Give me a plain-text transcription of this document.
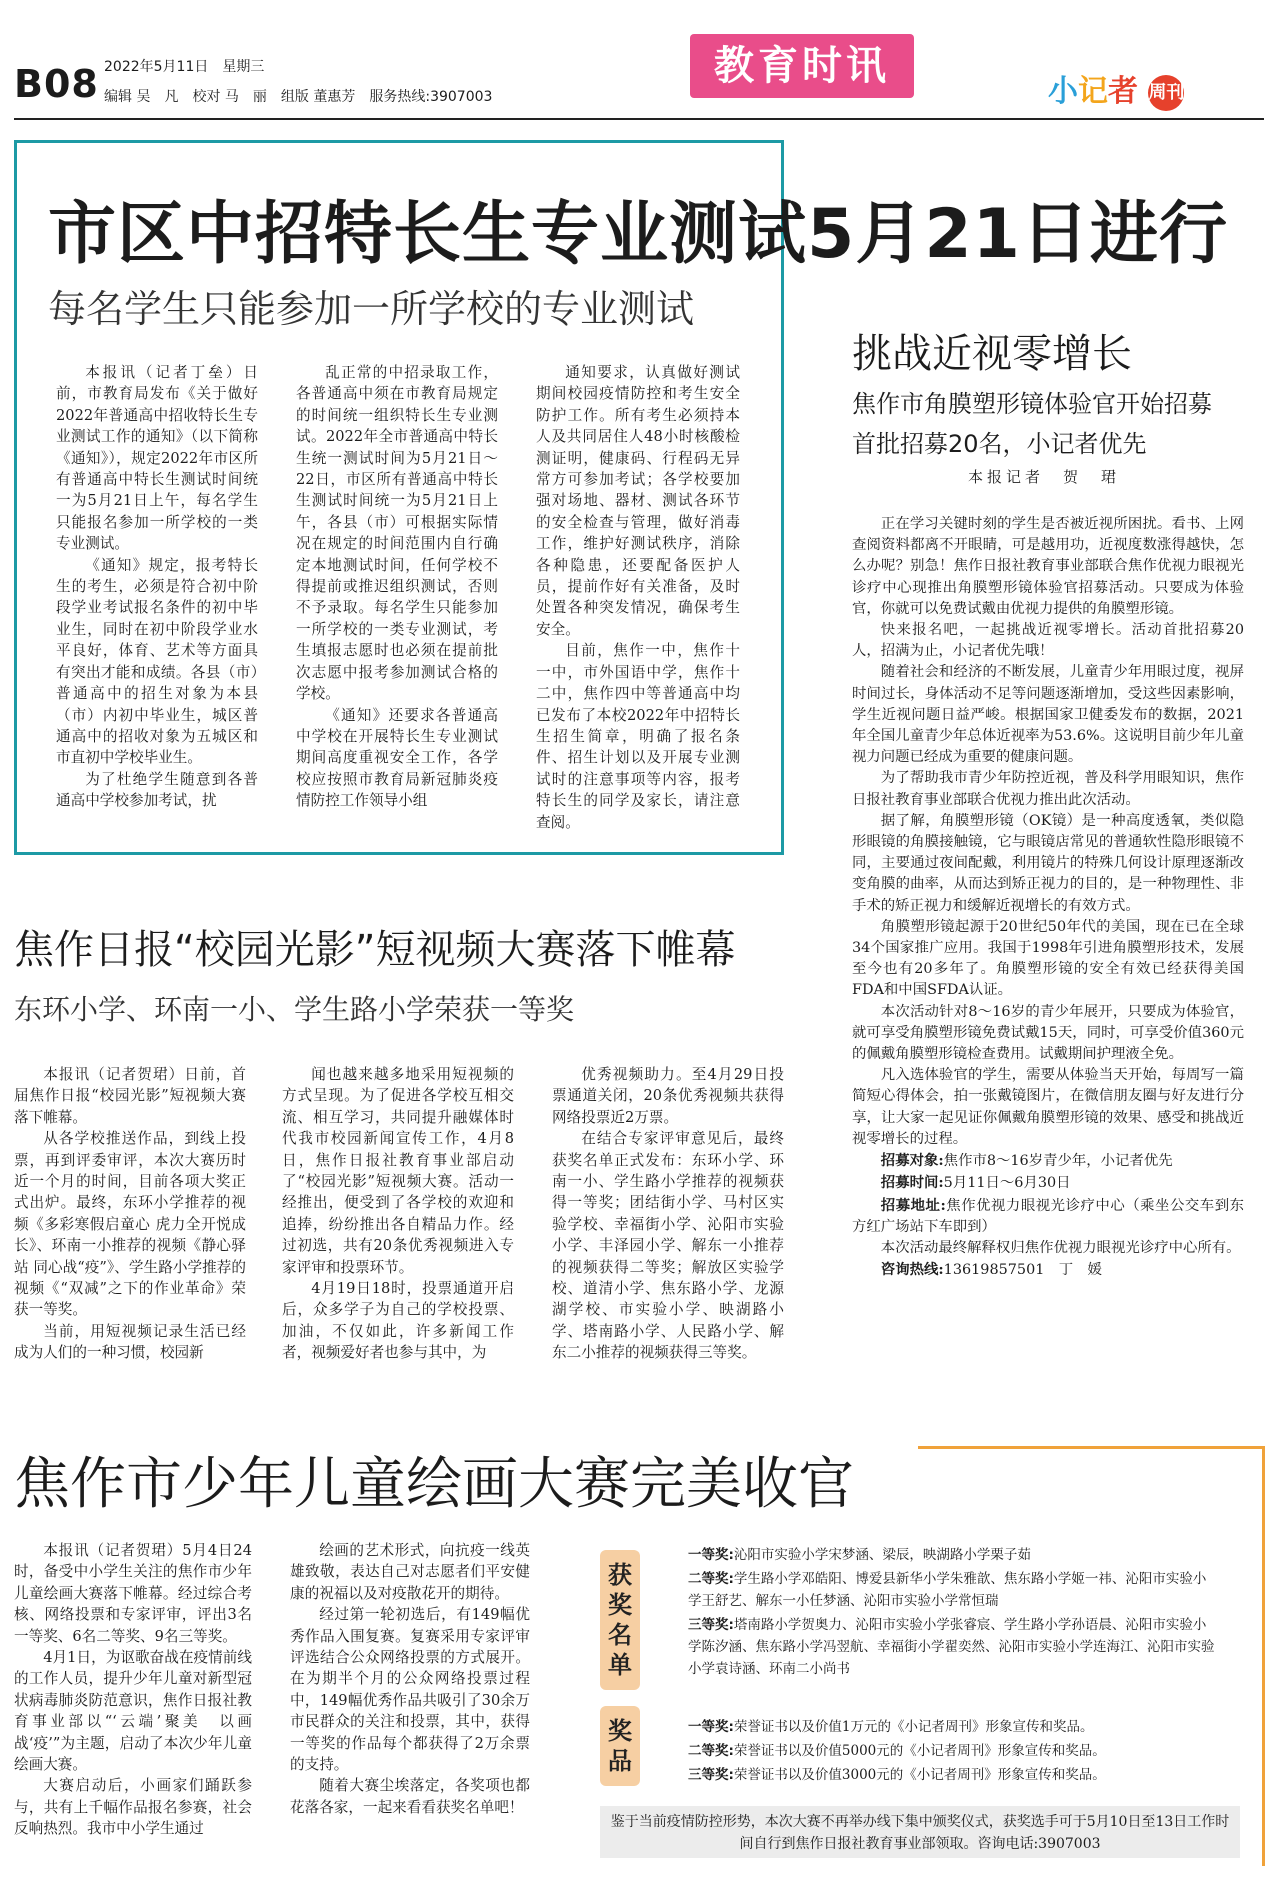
B08 2022年5月11日　星期三
编辑 吴　凡　校对 马　丽　组版 董惠芳　服务热线:3907003
教育时讯
小记者 周刊
市区中招特长生专业测试5月21日进行
每名学生只能参加一所学校的专业测试

本报讯（记者丁垒）日前，市教育局发布《关于做好2022年普通高中招收特长生专业测试工作的通知》（以下简称《通知》），规定2022年市区所有普通高中特长生测试时间统一为5月21日上午，每名学生只能报名参加一所学校的一类专业测试。

《通知》规定，报考特长生的考生，必须是符合初中阶段学业考试报名条件的初中毕业生，同时在初中阶段学业水平良好，体育、艺术等方面具有突出才能和成绩。各县（市）普通高中的招生对象为本县（市）内初中毕业生，城区普通高中的招收对象为五城区和市直初中学校毕业生。

为了杜绝学生随意到各普通高中学校参加考试，扰

乱正常的中招录取工作，各普通高中须在市教育局规定的时间统一组织特长生专业测试。2022年全市普通高中特长生统一测试时间为5月21日～22日，市区所有普通高中特长生测试时间统一为5月21日上午，各县（市）可根据实际情况在规定的时间范围内自行确定本地测试时间，任何学校不得提前或推迟组织测试，否则不予录取。每名学生只能参加一所学校的一类专业测试，考生填报志愿时也必须在提前批次志愿中报考参加测试合格的学校。

《通知》还要求各普通高中学校在开展特长生专业测试期间高度重视安全工作，各学校应按照市教育局新冠肺炎疫情防控工作领导小组

通知要求，认真做好测试期间校园疫情防控和考生安全防护工作。所有考生必须持本人及共同居住人48小时核酸检测证明，健康码、行程码无异常方可参加考试；各学校要加强对场地、器材、测试各环节的安全检查与管理，做好消毒工作，维护好测试秩序，消除各种隐患，还要配备医护人员，提前作好有关准备，及时处置各种突发情况，确保考生安全。

目前，焦作一中，焦作十一中，市外国语中学，焦作十二中，焦作四中等普通高中均已发布了本校2022年中招特长生招生简章，明确了报名条件、招生计划以及开展专业测试时的注意事项等内容，报考特长生的同学及家长，请注意查阅。

挑战近视零增长
焦作市角膜塑形镜体验官开始招募
首批招募20名，小记者优先
本报记者　贺　珺

正在学习关键时刻的学生是否被近视所困扰。看书、上网查阅资料都离不开眼睛，可是越用功，近视度数涨得越快，怎么办呢？别急！焦作日报社教育事业部联合焦作优视力眼视光诊疗中心现推出角膜塑形镜体验官招募活动。只要成为体验官，你就可以免费试戴由优视力提供的角膜塑形镜。

快来报名吧，一起挑战近视零增长。活动首批招募20人，招满为止，小记者优先哦！

随着社会和经济的不断发展，儿童青少年用眼过度，视屏时间过长，身体活动不足等问题逐渐增加，受这些因素影响，学生近视问题日益严峻。根据国家卫健委发布的数据，2021年全国儿童青少年总体近视率为53.6%。这说明目前少年儿童视力问题已经成为重要的健康问题。

为了帮助我市青少年防控近视，普及科学用眼知识，焦作日报社教育事业部联合优视力推出此次活动。

据了解，角膜塑形镜（OK镜）是一种高度透氧，类似隐形眼镜的角膜接触镜，它与眼镜店常见的普通软性隐形眼镜不同，主要通过夜间配戴，利用镜片的特殊几何设计原理逐渐改变角膜的曲率，从而达到矫正视力的目的，是一种物理性、非手术的矫正视力和缓解近视增长的有效方式。

角膜塑形镜起源于20世纪50年代的美国，现在已在全球34个国家推广应用。我国于1998年引进角膜塑形技术，发展至今也有20多年了。角膜塑形镜的安全有效已经获得美国FDA和中国SFDA认证。

本次活动针对8～16岁的青少年展开，只要成为体验官，就可享受角膜塑形镜免费试戴15天，同时，可享受价值360元的佩戴角膜塑形镜检查费用。试戴期间护理液全免。

凡入选体验官的学生，需要从体验当天开始，每周写一篇简短心得体会，拍一张戴镜图片，在微信朋友圈与好友进行分享，让大家一起见证你佩戴角膜塑形镜的效果、感受和挑战近视零增长的过程。

招募对象:焦作市8～16岁青少年，小记者优先

招募时间:5月11日～6月30日

招募地址:焦作优视力眼视光诊疗中心（乘坐公交车到东方红广场站下车即到）

本次活动最终解释权归焦作优视力眼视光诊疗中心所有。

咨询热线:13619857501　丁　媛

焦作日报“校园光影”短视频大赛落下帷幕
东环小学、环南一小、学生路小学荣获一等奖

本报讯（记者贺珺）日前，首届焦作日报“校园光影”短视频大赛落下帷幕。

从各学校推送作品，到线上投票，再到评委审评，本次大赛历时近一个月的时间，目前各项大奖正式出炉。最终，东环小学推荐的视频《多彩寒假启童心 虎力全开悦成长》、环南一小推荐的视频《静心驿站 同心战“疫”》、学生路小学推荐的视频《“双减”之下的作业革命》荣获一等奖。

当前，用短视频记录生活已经成为人们的一种习惯，校园新

闻也越来越多地采用短视频的方式呈现。为了促进各学校互相交流、相互学习，共同提升融媒体时代我市校园新闻宣传工作，4月8日，焦作日报社教育事业部启动了“校园光影”短视频大赛。活动一经推出，便受到了各学校的欢迎和追捧，纷纷推出各自精品力作。经过初选，共有20条优秀视频进入专家评审和投票环节。

4月19日18时，投票通道开启后，众多学子为自己的学校投票、加油，不仅如此，许多新闻工作者，视频爱好者也参与其中，为

优秀视频助力。至4月29日投票通道关闭，20条优秀视频共获得网络投票近2万票。

在结合专家评审意见后，最终获奖名单正式发布：东环小学、环南一小、学生路小学推荐的视频获得一等奖；团结街小学、马村区实验学校、幸福街小学、沁阳市实验小学、丰泽园小学、解东一小推荐的视频获得二等奖；解放区实验学校、道清小学、焦东路小学、龙源湖学校、市实验小学、映湖路小学、塔南路小学、人民路小学、解东二小推荐的视频获得三等奖。

焦作市少年儿童绘画大赛完美收官

本报讯（记者贺珺）5月4日24时，备受中小学生关注的焦作市少年儿童绘画大赛落下帷幕。经过综合考核、网络投票和专家评审，评出3名一等奖、6名二等奖、9名三等奖。

4月1日，为讴歌奋战在疫情前线的工作人员，提升少年儿童对新型冠状病毒肺炎防范意识，焦作日报社教育事业部以“‘云端’聚美　以画战‘疫’”为主题，启动了本次少年儿童绘画大赛。

大赛启动后，小画家们踊跃参与，共有上千幅作品报名参赛，社会反响热烈。我市中小学生通过

绘画的艺术形式，向抗疫一线英雄致敬，表达自己对志愿者们平安健康的祝福以及对疫散花开的期待。

经过第一轮初选后，有149幅优秀作品入围复赛。复赛采用专家评审评选结合公众网络投票的方式展开。在为期半个月的公众网络投票过程中，149幅优秀作品共吸引了30余万市民群众的关注和投票，其中，获得一等奖的作品每个都获得了2万余票的支持。

随着大赛尘埃落定，各奖项也都花落各家，一起来看看获奖名单吧！

获奖名单
奖品

一等奖:沁阳市实验小学宋梦涵、梁辰，映湖路小学栗子茹

二等奖:学生路小学邓皓阳、博爱县新华小学朱雅歆、焦东路小学姬一祎、沁阳市实验小学王舒艺、解东一小任梦涵、沁阳市实验小学常恒瑞

三等奖:塔南路小学贺奥力、沁阳市实验小学张睿宸、学生路小学孙语晨、沁阳市实验小学陈汐涵、焦东路小学冯翌航、幸福街小学翟奕然、沁阳市实验小学连海江、沁阳市实验小学袁诗涵、环南二小尚书

一等奖:荣誉证书以及价值1万元的《小记者周刊》形象宣传和奖品。

二等奖:荣誉证书以及价值5000元的《小记者周刊》形象宣传和奖品。

三等奖:荣誉证书以及价值3000元的《小记者周刊》形象宣传和奖品。

鉴于当前疫情防控形势，本次大赛不再举办线下集中颁奖仪式，获奖选手可于5月10日至13日工作时间自行到焦作日报社教育事业部领取。咨询电话:3907003
